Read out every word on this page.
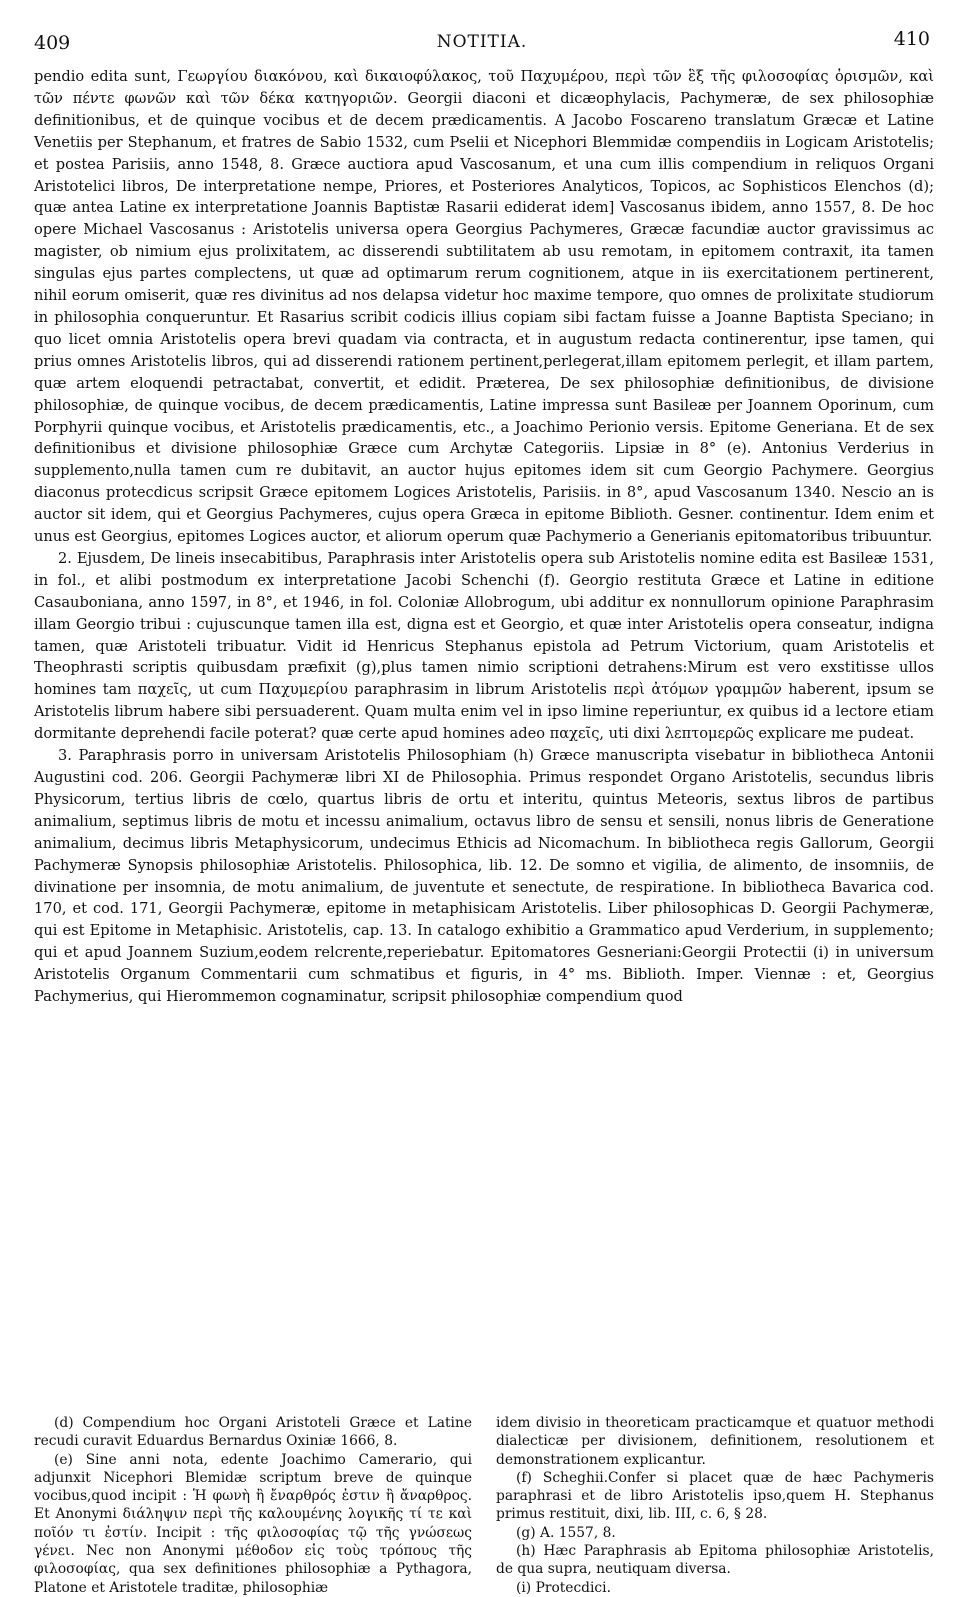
409	NOTITIA.	410

pendio edita sunt, Γεωργίου διακόνου, καὶ δικαιοφύλακος, τοῦ Παχυμέρου, περὶ τῶν ἓξ τῆς φιλοσοφίας ὁρισμῶν, καὶ τῶν πέντε φωνῶν καὶ τῶν δέκα κατηγοριῶν. Georgii diaconi et dicæophylacis, Pachymeræ, de sex philosophiæ definitionibus, et de quinque vocibus et de decem prædicamentis. A Jacobo Foscareno translatum Græcæ et Latine Venetiis per Stephanum, et fratres de Sabio 1532, cum Pselii et Nicephori Blemmidæ compendiis in Logicam Aristotelis; et postea Parisiis, anno 1548, 8. Græce auctiora apud Vascosanum, et una cum illis compendium in reliquos Organi Aristotelici libros, De interpretatione nempe, Priores, et Posteriores Analyticos, Topicos, ac Sophisticos Elenchos (d); quæ antea Latine ex interpretatione Joannis Baptistæ Rasarii ediderat idem] Vascosanus ibidem, anno 1557, 8. De hoc opere Michael Vascosanus : Aristotelis universa opera Georgius Pachymeres, Græcæ facundiæ auctor gravissimus ac magister, ob nimium ejus prolixitatem, ac disserendi subtilitatem ab usu remotam, in epitomem contraxit, ita tamen singulas ejus partes complectens, ut quæ ad optimarum rerum cognitionem, atque in iis exercitationem pertinerent, nihil eorum omiserit, quæ res divinitus ad nos delapsa videtur hoc maxime tempore, quo omnes de prolixitate studiorum in philosophia conqueruntur. Et Rasarius scribit codicis illius copiam sibi factam fuisse a Joanne Baptista Speciano; in quo licet omnia Aristotelis opera brevi quadam via contracta, et in augustum redacta continerentur, ipse tamen, qui prius omnes Aristotelis libros, qui ad disserendi rationem pertinent,perlegerat,illam epitomem perlegit, et illam partem, quæ artem eloquendi petractabat, convertit, et edidit. Præterea, De sex philosophiæ definitionibus, de divisione philosophiæ, de quinque vocibus, de decem prædicamentis, Latine impressa sunt Basileæ per Joannem Oporinum, cum Porphyrii quinque vocibus, et Aristotelis prædicamentis, etc., a Joachimo Perionio versis. Epitome Generiana. Et de sex definitionibus et divisione philosophiæ Græce cum Archytæ Categoriis. Lipsiæ in 8° (e). Antonius Verderius in supplemento,nulla tamen cum re dubitavit, an auctor hujus epitomes idem sit cum Georgio Pachymere. Georgius diaconus protecdicus scripsit Græce epitomem Logices Aristotelis, Parisiis. in 8°, apud Vascosanum 1340. Nescio an is auctor sit idem, qui et Georgius Pachymeres, cujus opera Græca in epitome Biblioth. Gesner. continentur. Idem enim et unus est Georgius, epitomes Logices auctor, et aliorum operum quæ Pachymerio a Generianis epitomatoribus tribuuntur.

2. Ejusdem, De lineis insecabitibus, Paraphrasis inter Aristotelis opera sub Aristotelis nomine edita est Basileæ 1531, in fol., et alibi postmodum ex interpretatione Jacobi Schenchi (f). Georgio restituta Græce et Latine in editione Casauboniana, anno 1597, in 8°, et 1946, in fol. Coloniæ Allobrogum, ubi additur ex nonnullorum opinione Paraphrasim illam Georgio tribui : cujuscunque tamen illa est, digna est et Georgio, et quæ inter Aristotelis opera conseatur, indigna tamen, quæ Aristoteli tribuatur. Vidit id Henricus Stephanus epistola ad Petrum Victorium, quam Aristotelis et Theophrasti scriptis quibusdam præfixit (g),plus tamen nimio scriptioni detrahens:Mirum est vero exstitisse ullos homines tam παχεῖς, ut cum Παχυμερίου paraphrasim in librum Aristotelis περὶ ἀτόμων γραμμῶν haberent, ipsum se Aristotelis librum habere sibi persuaderent. Quam multa enim vel in ipso limine reperiuntur, ex quibus id a lectore etiam dormitante deprehendi facile poterat? quæ certe apud homines adeo παχεῖς, uti dixi λεπτομερῶς explicare me pudeat.

3. Paraphrasis porro in universam Aristotelis Philosophiam (h) Græce manuscripta visebatur in bibliotheca Antonii Augustini cod. 206. Georgii Pachymeræ libri XI de Philosophia. Primus respondet Organo Aristotelis, secundus libris Physicorum, tertius libris de cœlo, quartus libris de ortu et interitu, quintus Meteoris, sextus libros de partibus animalium, septimus libris de motu et incessu animalium, octavus libro de sensu et sensili, nonus libris de Generatione animalium, decimus libris Metaphysicorum, undecimus Ethicis ad Nicomachum. In bibliotheca regis Gallorum, Georgii Pachymeræ Synopsis philosophiæ Aristotelis. Philosophica, lib. 12. De somno et vigilia, de alimento, de insomniis, de divinatione per insomnia, de motu animalium, de juventute et senectute, de respiratione. In bibliotheca Bavarica cod. 170, et cod. 171, Georgii Pachymeræ, epitome in metaphisicam Aristotelis. Liber philosophicas D. Georgii Pachymeræ, qui est Epitome in Metaphisic. Aristotelis, cap. 13. In catalogo exhibitio a Grammatico apud Verderium, in supplemento; qui et apud Joannem Suzium,eodem relcrente,reperiebatur. Epitomatores Gesneriani:Georgii Protectii (i) in universum Aristotelis Organum Commentarii cum schmatibus et figuris, in 4° ms. Biblioth. Imper. Viennæ : et, Georgius Pachymerius, qui Hierommemon cognaminatur, scripsit philosophiæ compendium quod

(d) Compendium hoc Organi Aristoteli Græce et Latine recudi curavit Eduardus Bernardus Oxiniæ 1666, 8.

(e) Sine anni nota, edente Joachimo Camerario, qui adjunxit Nicephori Blemidæ scriptum breve de quinque vocibus,quod incipit : Ἡ φωνὴ ἢ ἔναρθρός ἐστιν ἢ ἄναρθρος. Et Anonymi διάληψιν περὶ τῆς καλουμένης λογικῆς τί τε καὶ ποῖόν τι ἐστίν. Incipit : τῆς φιλοσοφίας τῷ τῆς γνώσεως γένει. Nec non Anonymi μέθοδον εἰς τοὺς τρόπους τῆς φιλοσοφίας, qua sex definitiones philosophiæ a Pythagora, Platone et Aristotele traditæ, philosophiæ

idem divisio in theoreticam practicamque et quatuor methodi dialecticæ per divisionem, definitionem, resolutionem et demonstrationem explicantur.

(f) Scheghii.Confer si placet quæ de hæc Pachymeris paraphrasi et de libro Aristotelis ipso,quem H. Stephanus primus restituit, dixi, lib. III, c. 6, § 28.

(g) A. 1557, 8.

(h) Hæc Paraphrasis ab Epitoma philosophiæ Aristotelis, de qua supra, neutiquam diversa.

(i) Protecdici.
